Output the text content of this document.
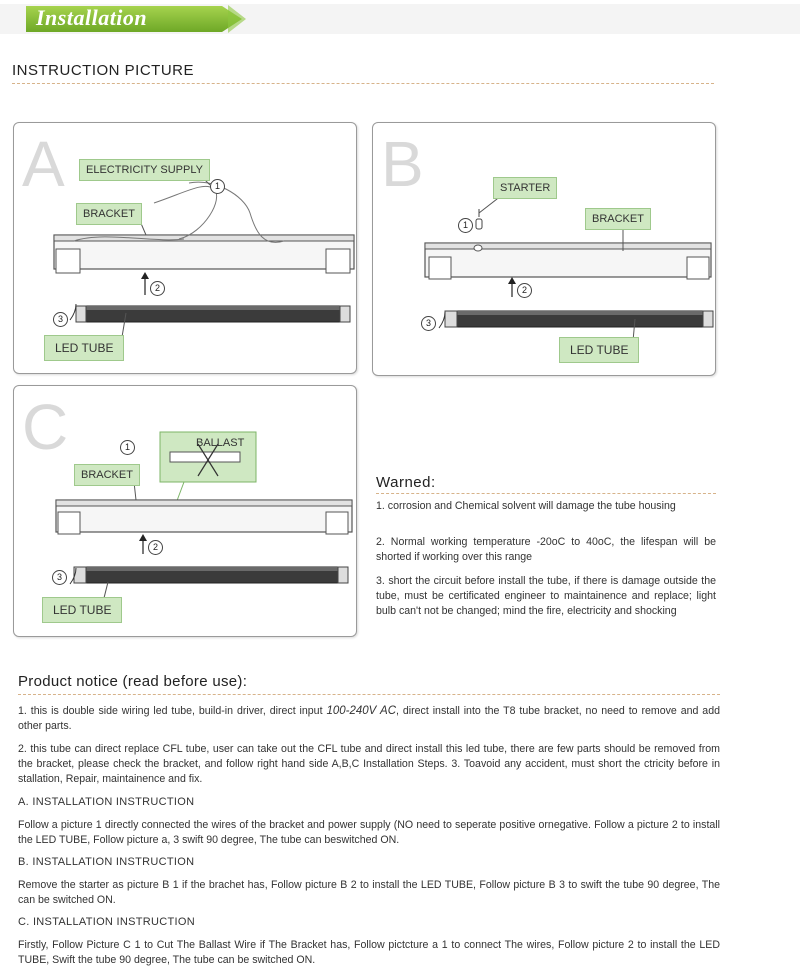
Installation
INSTRUCTION PICTURE
A	ELECTRICITY SUPPLY
BRACKET
LED TUBE
1
2
3
B	STARTER
BRACKET
LED TUBE
1
2
3
C	BALLAST
BRACKET
LED TUBE
1
2
3
Warned:

1. corrosion and Chemical solvent will damage the tube housing

2. Normal working temperature -20oC to 40oC, the lifespan will be shorted if working over this range

3. short the circuit before install the tube, if there is damage outside the tube, must be certificated engineer to maintainence and replace; light bulb can't not be changed; mind the fire, electricity and shocking

Product notice (read before use):

1. this is double side wiring led tube, build-in driver, direct input 100-240V AC, direct install into the T8 tube bracket, no need to remove and add other parts.

2. this tube can direct replace CFL tube, user can take out the CFL tube and direct install this led tube, there are few parts should be removed from the bracket, please check the bracket, and follow right hand side A,B,C Installation Steps. 3. Toavoid any accident, must short the ctricity before in stallation, Repair, maintainence and fix.

A. INSTALLATION INSTRUCTION

Follow a picture 1 directly connected the wires of the bracket and power supply (NO need to seperate positive ornegative. Follow a picture 2 to install the LED TUBE, Follow picture a, 3 swift 90 degree, The tube can beswitched ON.

B. INSTALLATION INSTRUCTION

Remove the starter as picture B 1 if the brachet has, Follow picture B 2 to install the LED TUBE, Follow picture B 3 to swift the tube 90 degree, The can be switched ON.

C. INSTALLATION INSTRUCTION

Firstly, Follow Picture C 1 to Cut The Ballast Wire if The Bracket has, Follow pictcture a 1 to connect The wires, Follow picture 2 to install the LED TUBE, Swift the tube 90 degree, The tube can be switched ON.
